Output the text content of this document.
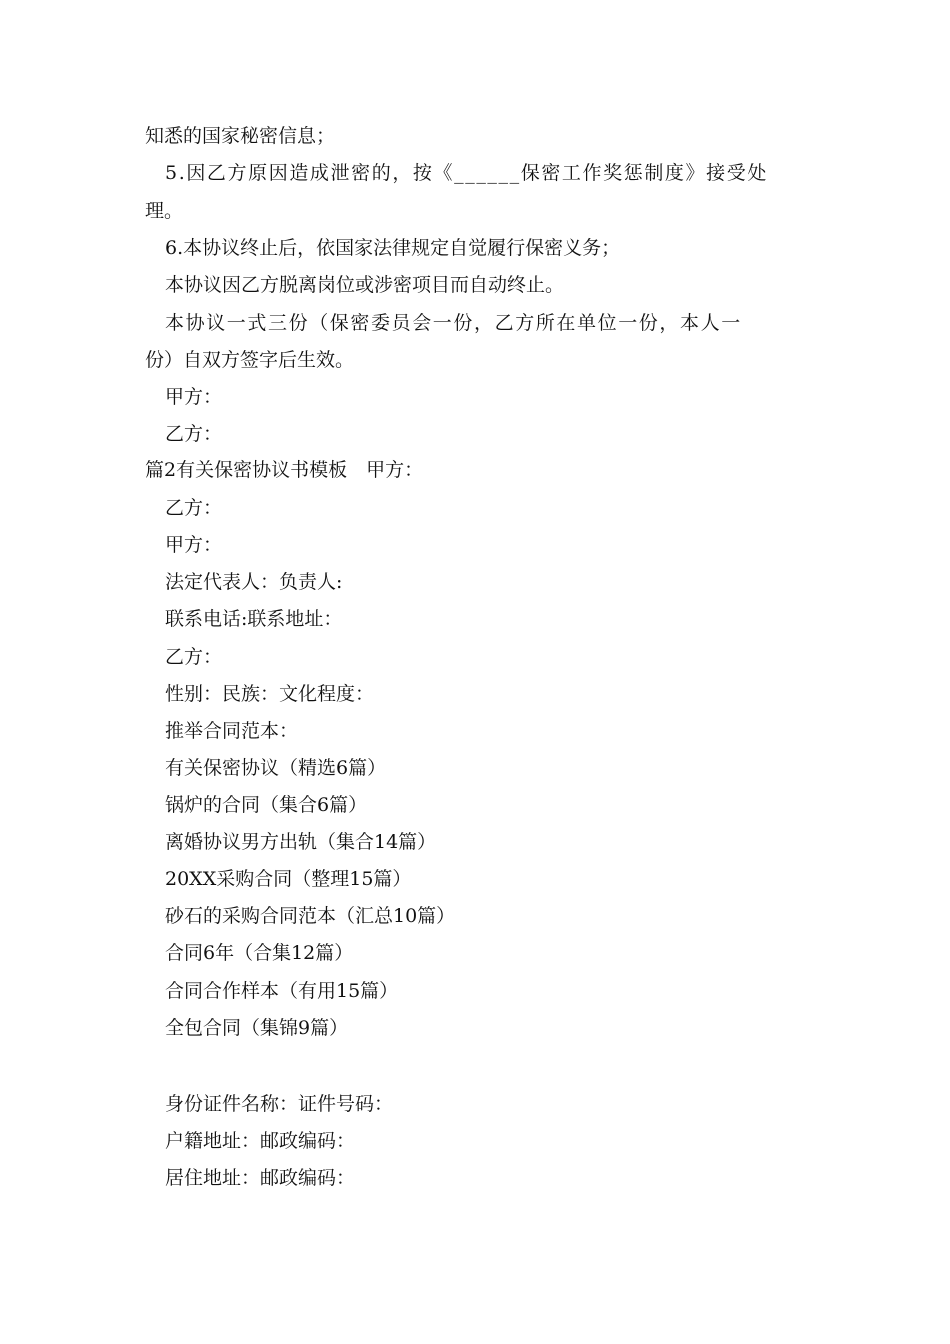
知悉的国家秘密信息；
5.因乙方原因造成泄密的，按《______保密工作奖惩制度》接受处
理。
6.本协议终止后，依国家法律规定自觉履行保密义务；
本协议因乙方脱离岗位或涉密项目而自动终止。
本协议一式三份（保密委员会一份，乙方所在单位一份，本人一
份）自双方签字后生效。
甲方：
乙方：
篇2有关保密协议书模板　甲方：
乙方：
甲方：
法定代表人：负责人:
联系电话:联系地址：
乙方：
性别：民族：文化程度：
推举合同范本：
有关保密协议（精选6篇）
锅炉的合同（集合6篇）
离婚协议男方出轨（集合14篇）
20XX采购合同（整理15篇）
砂石的采购合同范本（汇总10篇）
合同6年（合集12篇）
合同合作样本（有用15篇）
全包合同（集锦9篇）
身份证件名称：证件号码：
户籍地址：邮政编码：
居住地址：邮政编码：
